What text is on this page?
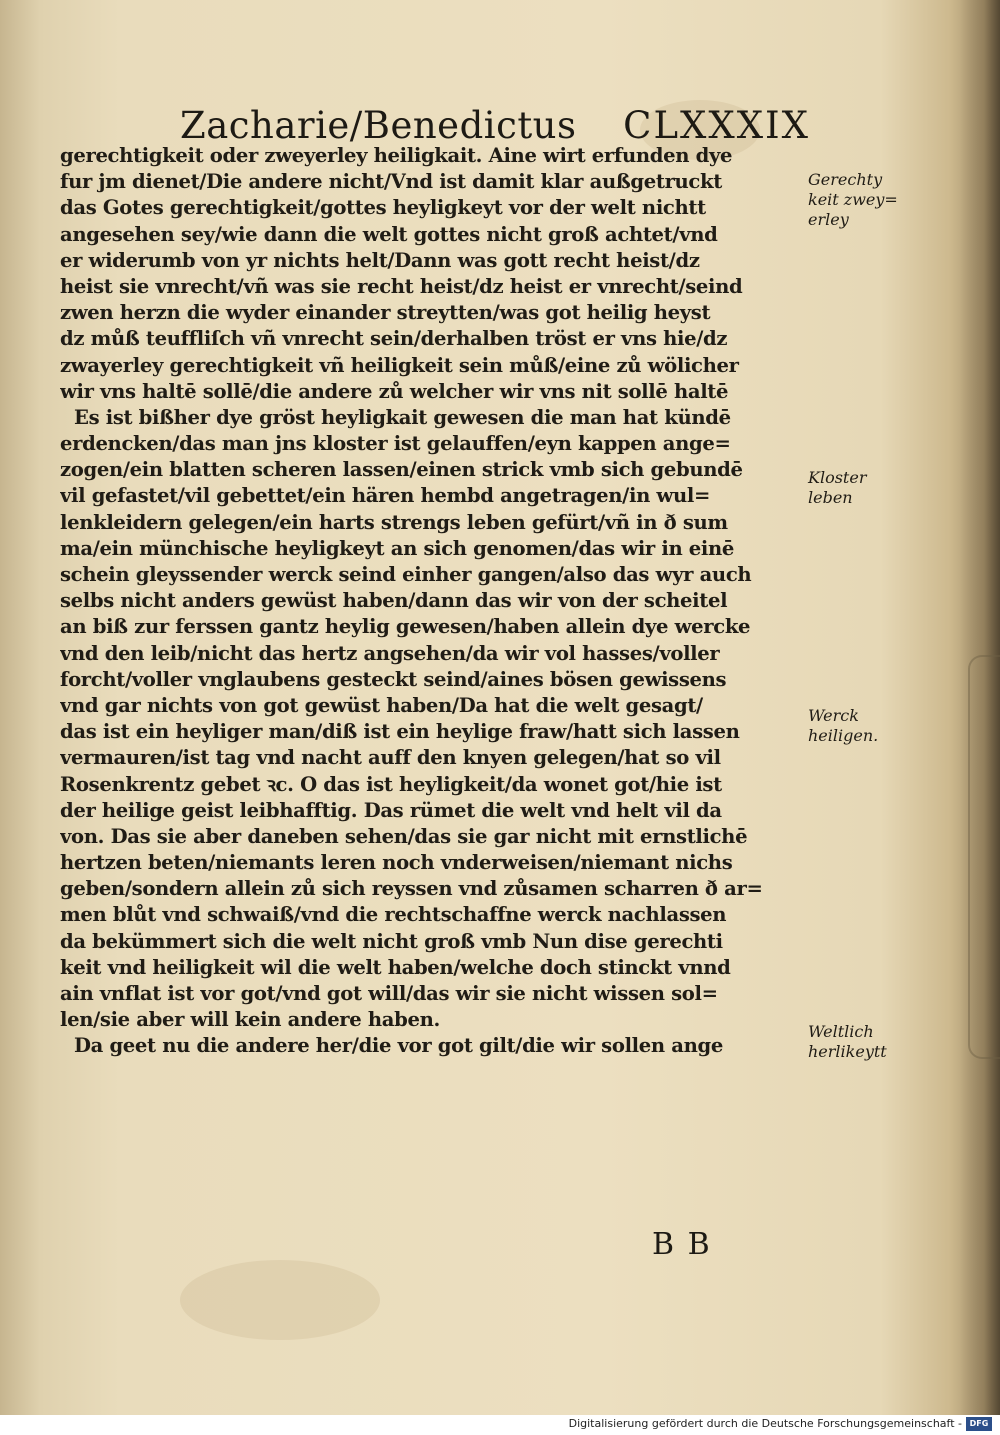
Zacharie/Benedictus CLXXXIX
gerechtigkeit oder zweyerley heiligkait. Aine wirt erfunden dye
fur jm dienet/Die andere nicht/Vnd ist damit klar außgetruckt
das Gotes gerechtigkeit/gottes heyligkeyt vor der welt nichtt
angesehen sey/wie dann die welt gottes nicht groß achtet/vnd
er widerumb von yr nichts helt/Dann was gott recht heist/dz
heist sie vnrecht/vñ was sie recht heist/dz heist er vnrecht/seind
zwen herzn die wyder einander streytten/was got heilig heyst
dz můß teuffliſch vñ vnrecht sein/derhalben tröst er vns hie/dz
zwayerley gerechtigkeit vñ heiligkeit sein můß/eine zů wölicher
wir vns haltē sollē/die andere zů welcher wir vns nit sollē haltē
Es ist bißher dye gröst heyligkait gewesen die man hat kündē
erdencken/das man jns kloster ist gelauffen/eyn kappen ange=
zogen/ein blatten scheren lassen/einen strick vmb sich gebundē
vil gefastet/vil gebettet/ein hären hembd angetragen/in wul=
lenkleidern gelegen/ein harts strengs leben gefürt/vñ in ð sum
ma/ein münchische heyligkeyt an sich genomen/das wir in einē
schein gleyssender werck seind einher gangen/also das wyr auch
selbs nicht anders gewüst haben/dann das wir von der scheitel
an biß zur ferssen gantz heylig gewesen/haben allein dye wercke
vnd den leib/nicht das hertz angsehen/da wir vol hasses/voller
forcht/voller vnglaubens gesteckt seind/aines bösen gewissens
vnd gar nichts von got gewüst haben/Da hat die welt gesagt/
das ist ein heyliger man/diß ist ein heylige fraw/hatt sich lassen
vermauren/ist tag vnd nacht auff den knyen gelegen/hat so vil
Rosenkrentz gebet ꝛc. O das ist heyligkeit/da wonet got/hie ist
der heilige geist leibhafftig. Das rümet die welt vnd helt vil da
von. Das sie aber daneben sehen/das sie gar nicht mit ernstlichē
hertzen beten/niemants leren noch vnderweisen/niemant nichs
geben/sondern allein zů sich reyssen vnd zůsamen scharren ð ar=
men blůt vnd schwaiß/vnd die rechtschaffne werck nachlassen
da bekümmert sich die welt nicht groß vmb Nun dise gerechti
keit vnd heiligkeit wil die welt haben/welche doch stinckt vnnd
ain vnflat ist vor got/vnd got will/das wir sie nicht wissen sol=
len/sie aber will kein andere haben.
Da geet nu die andere her/die vor got gilt/die wir sollen ange
Gerechty
keit zwey=
erley
Kloster
leben
Werck
heiligen.
Weltlich
herlikeytt
B B
Digitalisierung gefördert durch die Deutsche Forschungsgemeinschaft - DFG
